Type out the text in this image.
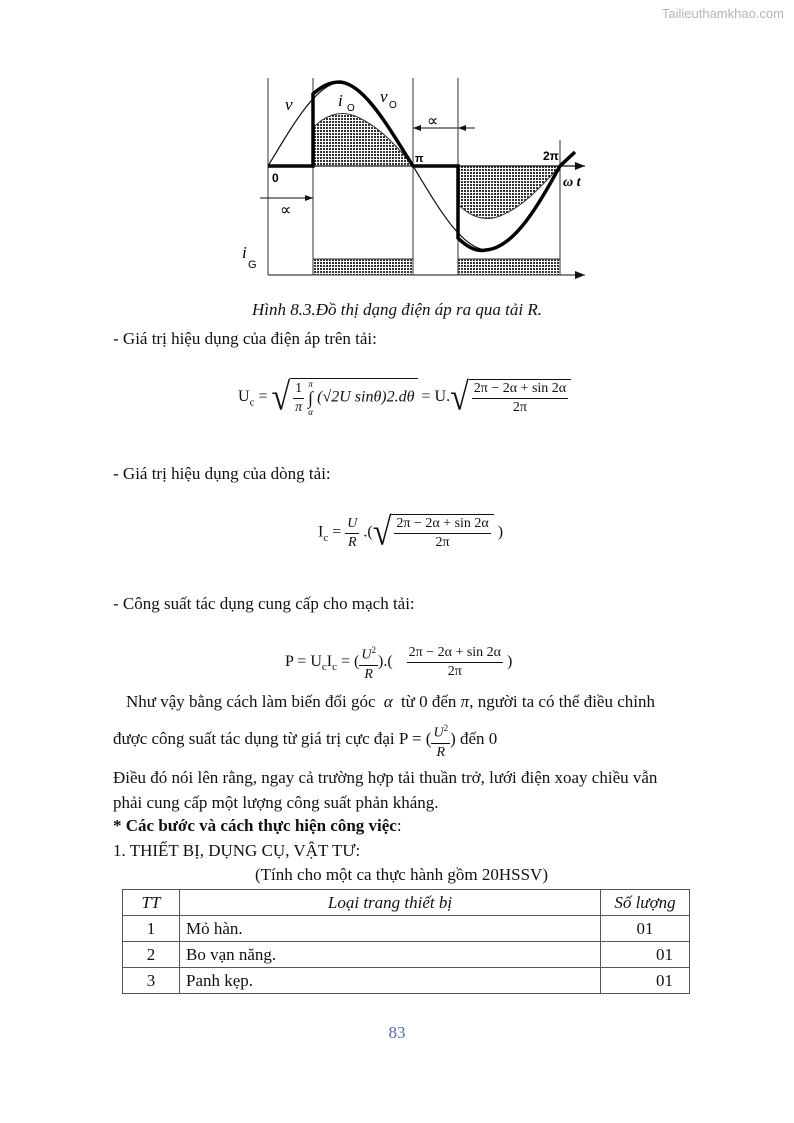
Tailieuthamkhao.com
v	i O
v O
∝
π	2π
ω t
0
∝
i
G
Hình 8.3.Đồ thị dạng điện áp ra qua tải R.
- Giá trị hiệu dụng của điện áp trên tải:
$U_c$ = √ $\frac{1}{\pi}$
π
∫
α
(√2U $\sin\theta)2.d\theta = U.√ \frac{2\pi - 2\alpha + \sin 2\alpha}{2\pi}$
- Giá trị hiệu dụng của dòng tải:
$I_c = \frac{U}{R}$ .(√ $\frac{2\pi - 2\alpha + \sin 2\alpha}{2\pi}$ )
- Công suất tác dụng cung cấp cho mạch tải:
$P = U_cI_c$ = ( $\frac{U^2}{R}$ ).( $\frac{2\pi - 2\alpha + \sin 2\alpha}{2\pi}$ )
Như vậy bằng cách làm biến đổi góc α từ 0 đến π, người ta có thể điều chỉnh
được công suất tác dụng từ giá trị cực đại P = ( $\frac{U^2}{R}$ ) đến 0
Điều đó nói lên rằng, ngay cả trường hợp tải thuần trở, lưới điện xoay chiều vẫn
phải cung cấp một lượng công suất phản kháng.
* Các bước và cách thực hiện công việc:
1. THIẾT BỊ, DỤNG CỤ, VẬT TƯ:
(Tính cho một ca thực hành gồm 20HSSV)
TT	Loại trang thiết bị	Số lượng
1	Mỏ hàn.	01
2	Bo vạn năng.	01
3	Panh kẹp.	01
83
